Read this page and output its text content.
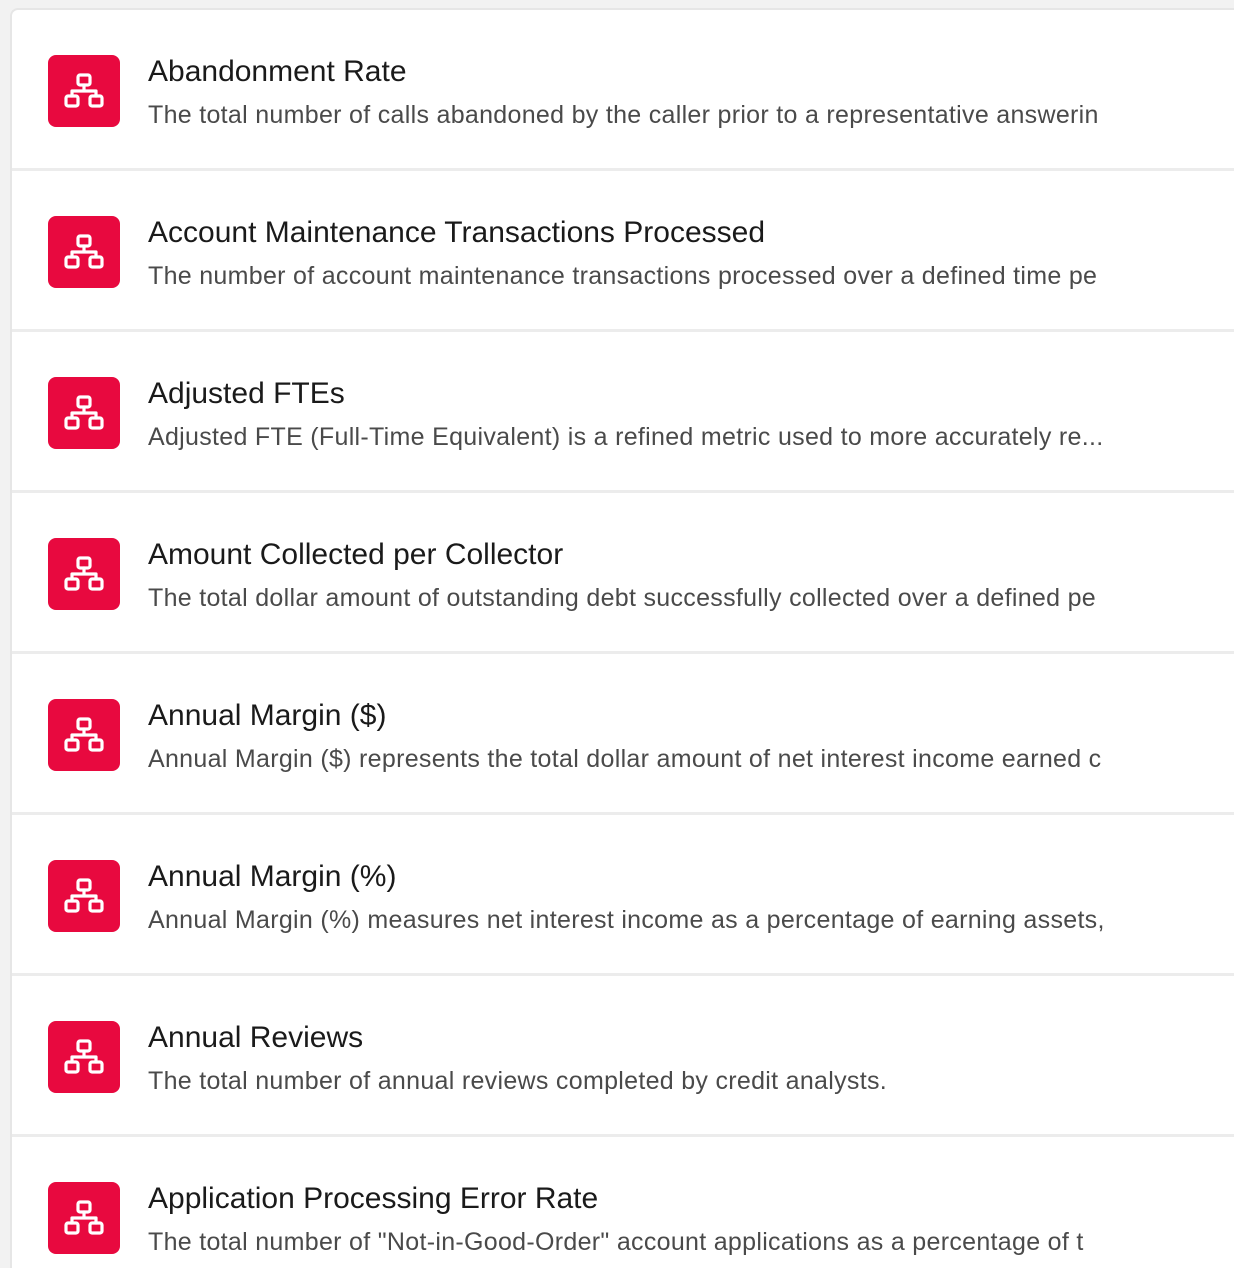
Abandonment Rate
The total number of calls abandoned by the caller prior to a representative answerin
Account Maintenance Transactions Processed
The number of account maintenance transactions processed over a defined time pe
Adjusted FTEs
Adjusted FTE (Full-Time Equivalent) is a refined metric used to more accurately re...
Amount Collected per Collector
The total dollar amount of outstanding debt successfully collected over a defined pe
Annual Margin ($)
Annual Margin ($) represents the total dollar amount of net interest income earned c
Annual Margin (%)
Annual Margin (%) measures net interest income as a percentage of earning assets,
Annual Reviews
The total number of annual reviews completed by credit analysts.
Application Processing Error Rate
The total number of "Not-in-Good-Order" account applications as a percentage of t
